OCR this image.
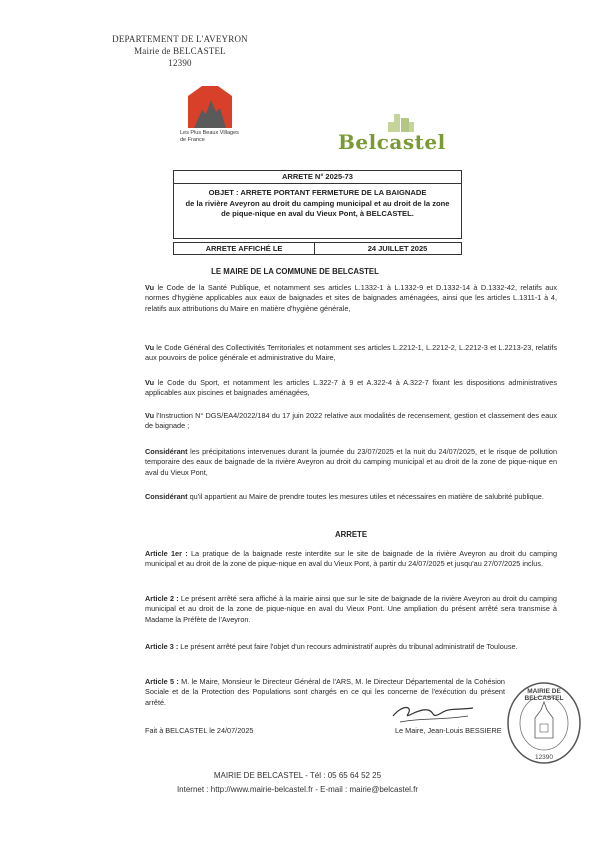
DEPARTEMENT DE L'AVEYRON
Mairie de BELCASTEL
12390
Les Plus Beaux Villages de France	Belcastel
ARRETE N° 2025-73
OBJET : ARRETE PORTANT FERMETURE DE LA BAIGNADE
de la rivière Aveyron au droit du camping municipal et au droit de la zone
de pique-nique en aval du Vieux Pont, à BELCASTEL.
ARRETE AFFICHÉ LE	24 JUILLET 2025
LE MAIRE DE LA COMMUNE DE BELCASTEL
Vu le Code de la Santé Publique, et notamment ses articles L.1332-1 à L.1332-9 et D.1332-14 à D.1332-42, relatifs aux normes d'hygiène applicables aux eaux de baignades et sites de baignades aménagées, ainsi que les articles L.1311-1 à 4, relatifs aux attributions du Maire en matière d'hygiène générale,
Vu le Code Général des Collectivités Territoriales et notamment ses articles L.2212-1, L.2212-2, L.2212-3 et L.2213-23, relatifs aux pouvoirs de police générale et administrative du Maire,
Vu le Code du Sport, et notamment les articles L.322-7 à 9 et A.322-4 à A.322-7 fixant les dispositions administratives applicables aux piscines et baignades aménagées,
Vu l'Instruction N° DGS/EA4/2022/184 du 17 juin 2022 relative aux modalités de recensement, gestion et classement des eaux de baignade ;
Considérant les précipitations intervenues durant la journée du 23/07/2025 et la nuit du 24/07/2025, et le risque de pollution temporaire des eaux de baignade de la rivière Aveyron au droit du camping municipal et au droit de la zone de pique-nique en aval du Vieux Pont,
Considérant qu'il appartient au Maire de prendre toutes les mesures utiles et nécessaires en matière de salubrité publique.
ARRETE
Article 1er : La pratique de la baignade reste interdite sur le site de baignade de la rivière Aveyron au droit du camping municipal et au droit de la zone de pique-nique en aval du Vieux Pont, à partir du 24/07/2025 et jusqu'au 27/07/2025 inclus.
Article 2 : Le présent arrêté sera affiché à la mairie ainsi que sur le site de baignade de la rivière Aveyron au droit du camping municipal et au droit de la zone de pique-nique en aval du Vieux Pont. Une ampliation du présent arrêté sera transmise à Madame la Préfète de l'Aveyron.
Article 3 : Le présent arrêté peut faire l'objet d'un recours administratif auprès du tribunal administratif de Toulouse.
Article 5 : M. le Maire, Monsieur le Directeur Général de l'ARS, M. le Directeur Départemental de la Cohésion Sociale et de la Protection des Populations sont chargés en ce qui les concerne de l'exécution du présent arrêté.
MAIRIE DE BELCASTEL
12390
Fait à BELCASTEL le 24/07/2025	Le Maire, Jean-Louis BESSIERE
MAIRIE DE BELCASTEL - Tél : 05 65 64 52 25
Internet : http://www.mairie-belcastel.fr - E-mail : mairie@belcastel.fr
